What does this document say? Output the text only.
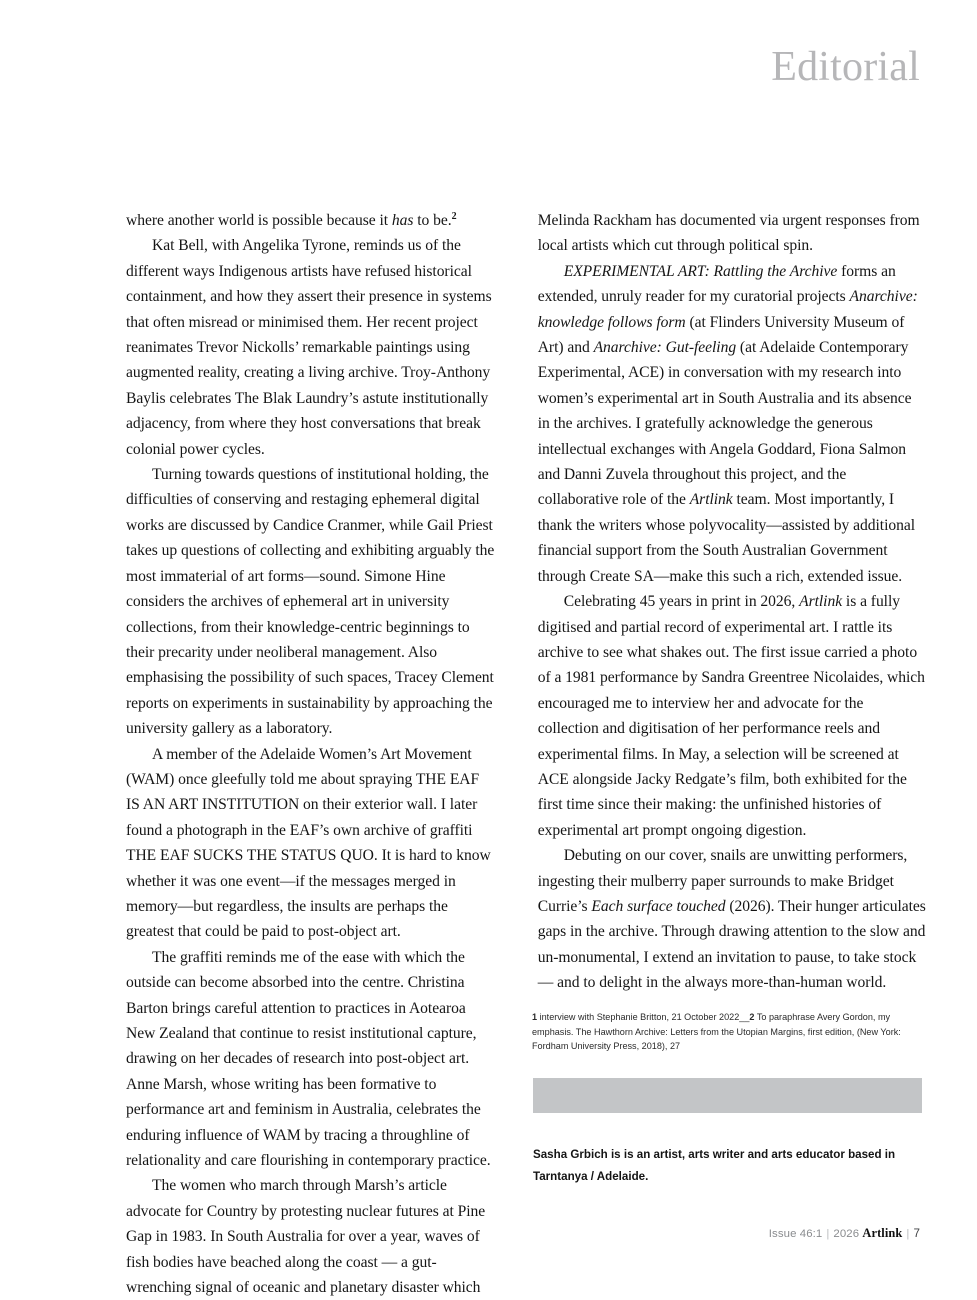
Editorial

where another world is possible because it has to be.$^2$

Kat Bell, with Angelika Tyrone, reminds us of the different ways Indigenous artists have refused historical containment, and how they assert their presence in systems that often misread or minimised them. Her recent project reanimates Trevor Nickolls’ remarkable paintings using augmented reality, creating a living archive. Troy-Anthony Baylis celebrates The Blak Laundry’s astute institutionally adjacency, from where they host conversations that break colonial power cycles.

Turning towards questions of institutional holding, the difficulties of conserving and restaging ephemeral digital works are discussed by Candice Cranmer, while Gail Priest takes up questions of collecting and exhibiting arguably the most immaterial of art forms—sound. Simone Hine considers the archives of ephemeral art in university collections, from their knowledge-centric beginnings to their precarity under neoliberal management. Also emphasising the possibility of such spaces, Tracey Clement reports on experiments in sustainability by approaching the university gallery as a laboratory.

A member of the Adelaide Women’s Art Movement (WAM) once gleefully told me about spraying THE EAF IS AN ART INSTITUTION on their exterior wall. I later found a photograph in the EAF’s own archive of graffiti THE EAF SUCKS THE STATUS QUO. It is hard to know whether it was one event—if the messages merged in memory—but regardless, the insults are perhaps the greatest that could be paid to post-object art.

The graffiti reminds me of the ease with which the outside can become absorbed into the centre. Christina Barton brings careful attention to practices in Aotearoa New Zealand that continue to resist institutional capture, drawing on her decades of research into post-object art. Anne Marsh, whose writing has been formative to performance art and feminism in Australia, celebrates the enduring influence of WAM by tracing a throughline of relationality and care flourishing in contemporary practice.

The women who march through Marsh’s article advocate for Country by protesting nuclear futures at Pine Gap in 1983. In South Australia for over a year, waves of fish bodies have beached along the coast — a gut-wrenching signal of oceanic and planetary disaster which

Melinda Rackham has documented via urgent responses from local artists which cut through political spin.

EXPERIMENTAL ART: Rattling the Archive forms an extended, unruly reader for my curatorial projects Anarchive: knowledge follows form (at Flinders University Museum of Art) and Anarchive: Gut-feeling (at Adelaide Contemporary Experimental, ACE) in conversation with my research into women’s experimental art in South Australia and its absence in the archives. I gratefully acknowledge the generous intellectual exchanges with Angela Goddard, Fiona Salmon and Danni Zuvela throughout this project, and the collaborative role of the Artlink team. Most importantly, I thank the writers whose polyvocality—assisted by additional financial support from the South Australian Government through Create SA—make this such a rich, extended issue.

Celebrating 45 years in print in 2026, Artlink is a fully digitised and partial record of experimental art. I rattle its archive to see what shakes out. The first issue carried a photo of a 1981 performance by Sandra Greentree Nicolaides, which encouraged me to interview her and advocate for the collection and digitisation of her performance reels and experimental films. In May, a selection will be screened at ACE alongside Jacky Redgate’s film, both exhibited for the first time since their making: the unfinished histories of experimental art prompt ongoing digestion.

Debuting on our cover, snails are unwitting performers, ingesting their mulberry paper surrounds to make Bridget Currie’s Each surface touched (2026). Their hunger articulates gaps in the archive. Through drawing attention to the slow and un-monumental, I extend an invitation to pause, to take stock — and to delight in the always more-than-human world.

1 interview with Stephanie Britton, 21 October 2022__2 To paraphrase Avery Gordon, my emphasis. The Hawthorn Archive: Letters from the Utopian Margins, first edition, (New York: Fordham University Press, 2018), 27
Sasha Grbich is is an artist, arts writer and arts educator based in Tarntanya / Adelaide.
Issue 46:1 | 2026 Artlink | 7
